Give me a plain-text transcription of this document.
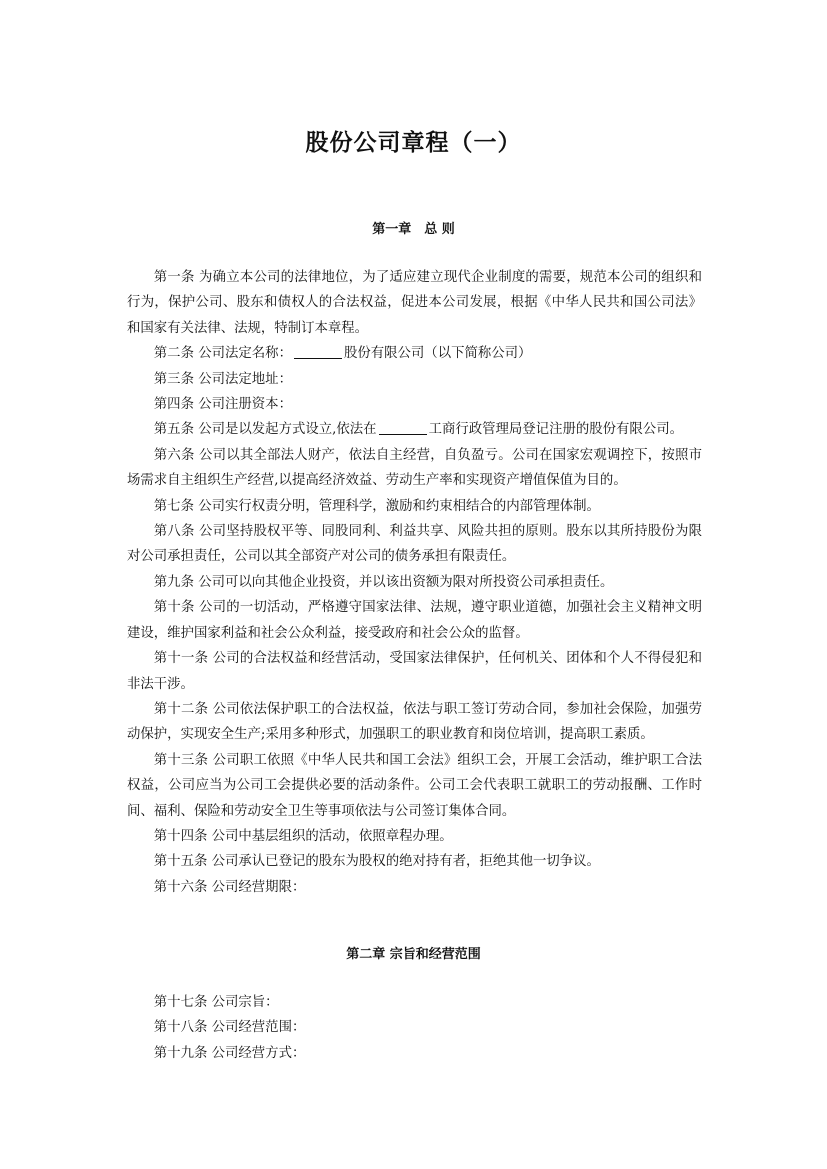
股份公司章程（一）
第一章　总 则

第一条 为确立本公司的法律地位，为了适应建立现代企业制度的需要，规范本公司的组织和行为，保护公司、股东和债权人的合法权益，促进本公司发展，根据《中华人民共和国公司法》和国家有关法律、法规，特制订本章程。

第二条 公司法定名称：	股份有限公司（以下简称公司）

第三条 公司法定地址：

第四条 公司注册资本：

第五条 公司是以发起方式设立,依法在	工商行政管理局登记注册的股份有限公司。

第六条 公司以其全部法人财产，依法自主经营，自负盈亏。公司在国家宏观调控下，按照市场需求自主组织生产经营,以提高经济效益、劳动生产率和实现资产增值保值为目的。

第七条 公司实行权责分明，管理科学，激励和约束相结合的内部管理体制。

第八条 公司坚持股权平等、同股同利、利益共享、风险共担的原则。股东以其所持股份为限对公司承担责任，公司以其全部资产对公司的债务承担有限责任。

第九条 公司可以向其他企业投资，并以该出资额为限对所投资公司承担责任。

第十条 公司的一切活动，严格遵守国家法律、法规，遵守职业道德，加强社会主义精神文明建设，维护国家利益和社会公众利益，接受政府和社会公众的监督。

第十一条 公司的合法权益和经营活动，受国家法律保护，任何机关、团体和个人不得侵犯和非法干涉。

第十二条 公司依法保护职工的合法权益，依法与职工签订劳动合同，参加社会保险，加强劳动保护，实现安全生产;采用多种形式，加强职工的职业教育和岗位培训，提高职工素质。

第十三条 公司职工依照《中华人民共和国工会法》组织工会，开展工会活动，维护职工合法权益，公司应当为公司工会提供必要的活动条件。公司工会代表职工就职工的劳动报酬、工作时间、福利、保险和劳动安全卫生等事项依法与公司签订集体合同。

第十四条 公司中基层组织的活动，依照章程办理。

第十五条 公司承认已登记的股东为股权的绝对持有者，拒绝其他一切争议。

第十六条 公司经营期限：

第二章 宗旨和经营范围

第十七条 公司宗旨：

第十八条 公司经营范围：

第十九条 公司经营方式：
